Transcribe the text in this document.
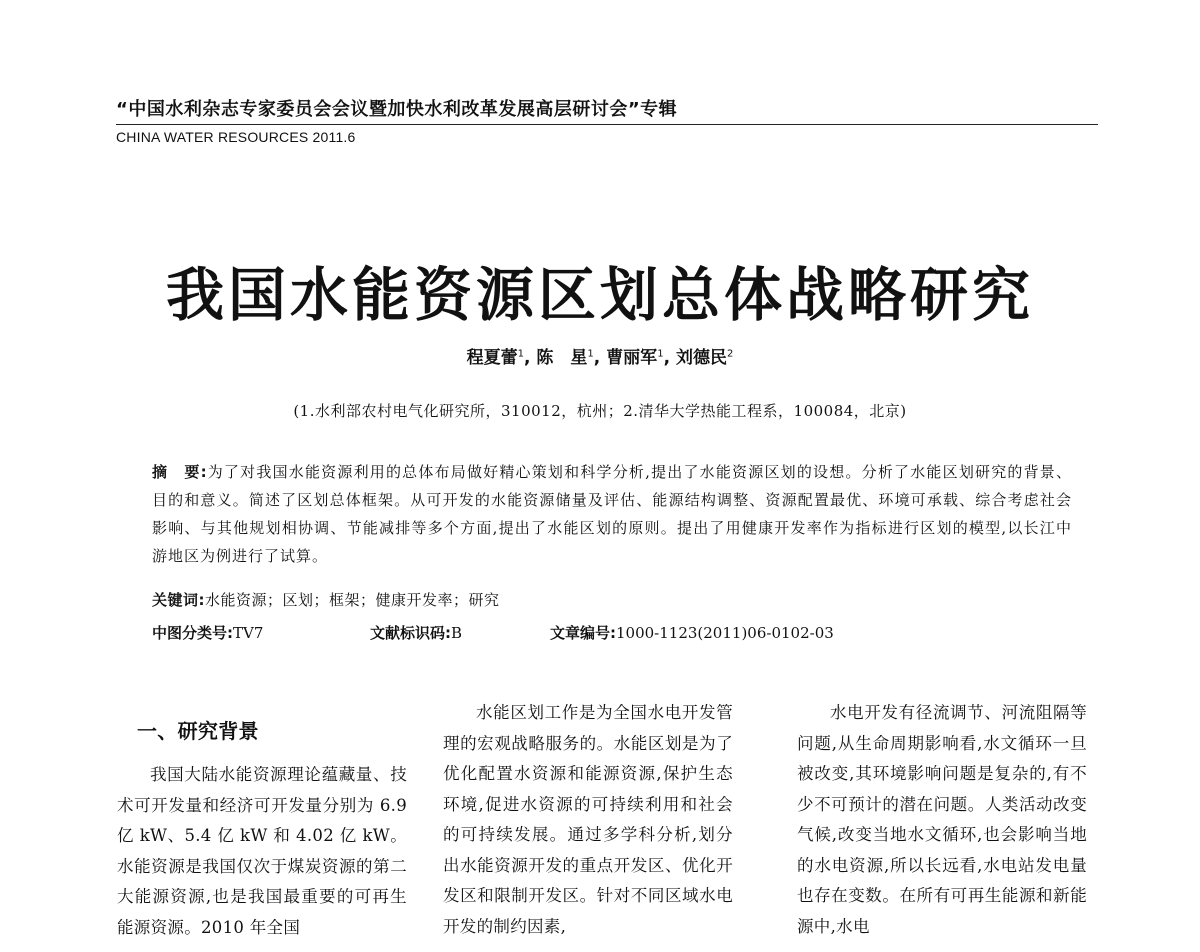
“中国水利杂志专家委员会会议暨加快水利改革发展高层研讨会”专辑
CHINA WATER RESOURCES 2011.6
我国水能资源区划总体战略研究
程夏蕾$^1$, 陈　星$^1$, 曹丽军$^1$, 刘德民$^2$
(1.水利部农村电气化研究所，310012，杭州；2.清华大学热能工程系，100084，北京)
摘　要:为了对我国水能资源利用的总体布局做好精心策划和科学分析,提出了水能资源区划的设想。分析了水能区划研究的背景、目的和意义。简述了区划总体框架。从可开发的水能资源储量及评估、能源结构调整、资源配置最优、环境可承载、综合考虑社会影响、与其他规划相协调、节能减排等多个方面,提出了水能区划的原则。提出了用健康开发率作为指标进行区划的模型,以长江中游地区为例进行了试算。
关键词:水能资源；区划；框架；健康开发率；研究
中图分类号:TV7	文献标识码:B	文章编号:1000-1123(2011)06-0102-03
一、研究背景

我国大陆水能资源理论蕴藏量、技术可开发量和经济可开发量分别为 6.9 亿 kW、5.4 亿 kW 和 4.02 亿 kW。水能资源是我国仅次于煤炭资源的第二大能源资源,也是我国最重要的可再生能源资源。2010 年全国

水能区划工作是为全国水电开发管理的宏观战略服务的。水能区划是为了优化配置水资源和能源资源,保护生态环境,促进水资源的可持续利用和社会的可持续发展。通过多学科分析,划分出水能资源开发的重点开发区、优化开发区和限制开发区。针对不同区域水电开发的制约因素,

水电开发有径流调节、河流阻隔等问题,从生命周期影响看,水文循环一旦被改变,其环境影响问题是复杂的,有不少不可预计的潜在问题。人类活动改变气候,改变当地水文循环,也会影响当地的水电资源,所以长远看,水电站发电量也存在变数。在所有可再生能源和新能源中,水电
